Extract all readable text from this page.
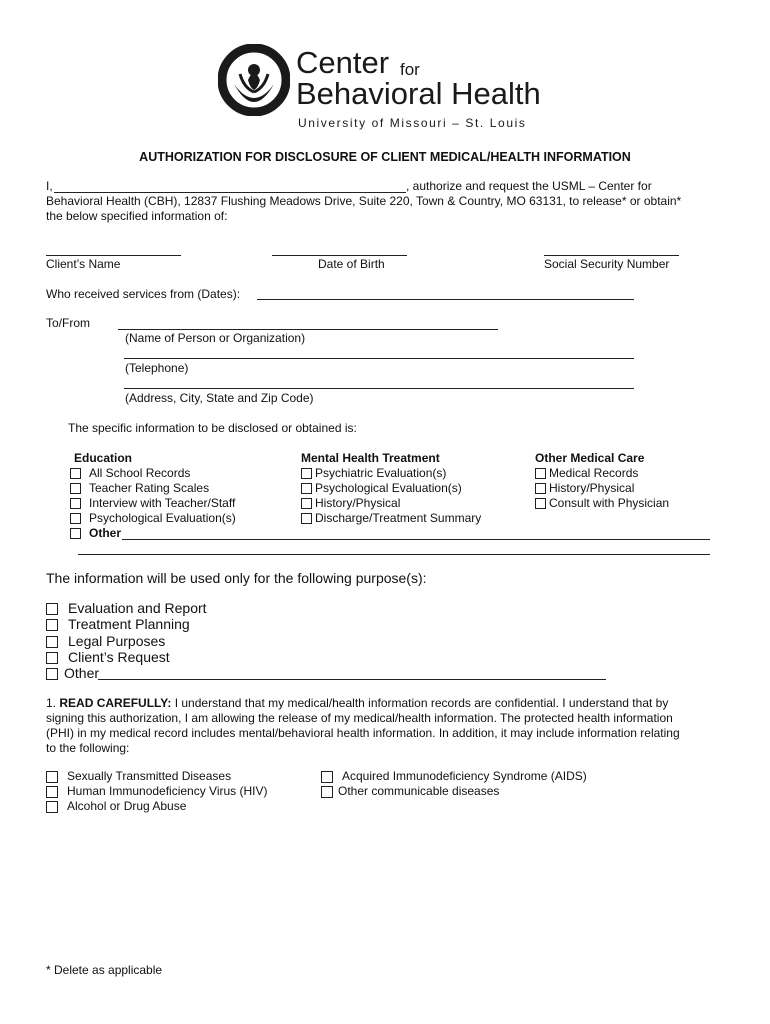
Center for
Behavioral Health
University of Missouri – St. Louis
AUTHORIZATION FOR DISCLOSURE OF CLIENT MEDICAL/HEALTH INFORMATION
I,	, authorize and request the USML – Center for
Behavioral Health (CBH), 12837 Flushing Meadows Drive, Suite 220, Town & Country, MO 63131, to release* or obtain*
the below specified information of:
Client’s Name	Date of Birth	Social Security Number
Who received services from (Dates):
To/From
(Name of Person or Organization)
(Telephone)
(Address, City, State and Zip Code)
The specific information to be disclosed or obtained is:
Education
All School Records
Teacher Rating Scales
Interview with Teacher/Staff
Psychological Evaluation(s)
Other
Mental Health Treatment
Psychiatric Evaluation(s)
Psychological Evaluation(s)
History/Physical
Discharge/Treatment Summary
Other Medical Care
Medical Records
History/Physical
Consult with Physician
The information will be used only for the following purpose(s):
Evaluation and Report
Treatment Planning
Legal Purposes
Client’s Request
Other
1. READ CAREFULLY: I understand that my medical/health information records are confidential. I understand that by
signing this authorization, I am allowing the release of my medical/health information. The protected health information
(PHI) in my medical record includes mental/behavioral health information. In addition, it may include information relating
to the following:
Sexually Transmitted Diseases
Human Immunodeficiency Virus (HIV)
Alcohol or Drug Abuse
Acquired Immunodeficiency Syndrome (AIDS)
Other communicable diseases
* Delete as applicable
